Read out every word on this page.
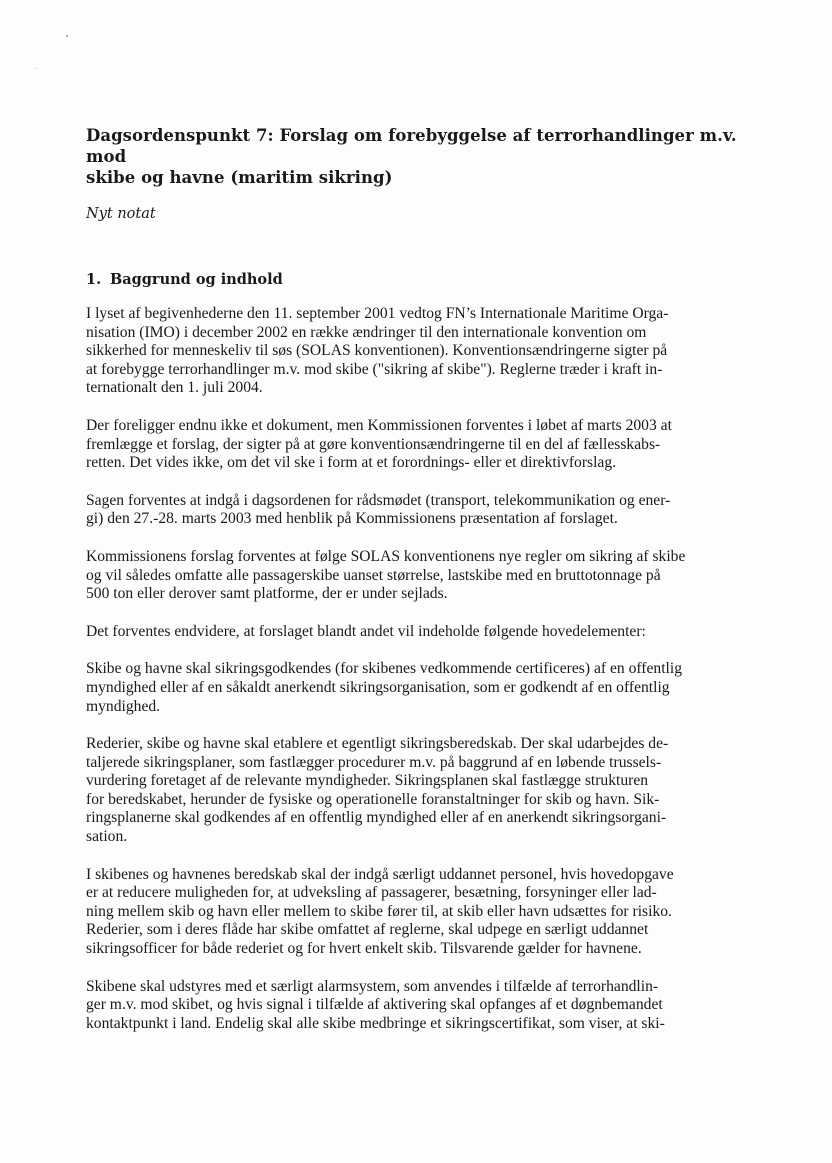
Dagsordenspunkt 7: Forslag om forebyggelse af terrorhandlinger m.v. mod
skibe og havne (maritim sikring)

Nyt notat

1. Baggrund og indhold

I lyset af begivenhederne den 11. september 2001 vedtog FN’s Internationale Maritime Orga-
nisation (IMO) i december 2002 en række ændringer til den internationale konvention om
sikkerhed for menneskeliv til søs (SOLAS konventionen). Konventionsændringerne sigter på
at forebygge terrorhandlinger m.v. mod skibe ("sikring af skibe"). Reglerne træder i kraft in-
ternationalt den 1. juli 2004.

Der foreligger endnu ikke et dokument, men Kommissionen forventes i løbet af marts 2003 at
fremlægge et forslag, der sigter på at gøre konventionsændringerne til en del af fællesskabs-
retten. Det vides ikke, om det vil ske i form at et forordnings- eller et direktivforslag.

Sagen forventes at indgå i dagsordenen for rådsmødet (transport, telekommunikation og ener-
gi) den 27.-28. marts 2003 med henblik på Kommissionens præsentation af forslaget.

Kommissionens forslag forventes at følge SOLAS konventionens nye regler om sikring af skibe
og vil således omfatte alle passagerskibe uanset størrelse, lastskibe med en bruttotonnage på
500 ton eller derover samt platforme, der er under sejlads.

Det forventes endvidere, at forslaget blandt andet vil indeholde følgende hovedelementer:

Skibe og havne skal sikringsgodkendes (for skibenes vedkommende certificeres) af en offentlig
myndighed eller af en såkaldt anerkendt sikringsorganisation, som er godkendt af en offentlig
myndighed.

Rederier, skibe og havne skal etablere et egentligt sikringsberedskab. Der skal udarbejdes de-
taljerede sikringsplaner, som fastlægger procedurer m.v. på baggrund af en løbende trussels-
vurdering foretaget af de relevante myndigheder. Sikringsplanen skal fastlægge strukturen
for beredskabet, herunder de fysiske og operationelle foranstaltninger for skib og havn. Sik-
ringsplanerne skal godkendes af en offentlig myndighed eller af en anerkendt sikringsorgani-
sation.

I skibenes og havnenes beredskab skal der indgå særligt uddannet personel, hvis hovedopgave
er at reducere muligheden for, at udveksling af passagerer, besætning, forsyninger eller lad-
ning mellem skib og havn eller mellem to skibe fører til, at skib eller havn udsættes for risiko.
Rederier, som i deres flåde har skibe omfattet af reglerne, skal udpege en særligt uddannet
sikringsofficer for både rederiet og for hvert enkelt skib. Tilsvarende gælder for havnene.

Skibene skal udstyres med et særligt alarmsystem, som anvendes i tilfælde af terrorhandlin-
ger m.v. mod skibet, og hvis signal i tilfælde af aktivering skal opfanges af et døgnbemandet
kontaktpunkt i land. Endelig skal alle skibe medbringe et sikringscertifikat, som viser, at ski-
